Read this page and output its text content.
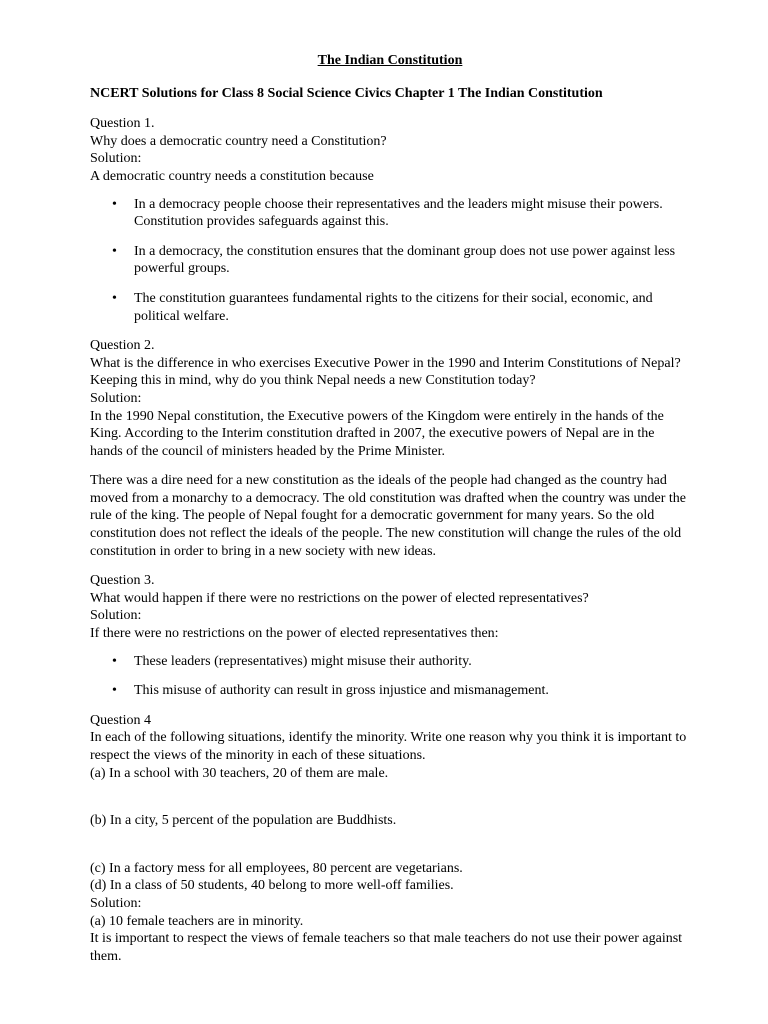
The Indian Constitution

NCERT Solutions for Class 8 Social Science Civics Chapter 1 The Indian Constitution

Question 1.

Why does a democratic country need a Constitution?

Solution:

A democratic country needs a constitution because

• In a democracy people choose their representatives and the leaders might misuse their powers. Constitution provides safeguards against this.
• In a democracy, the constitution ensures that the dominant group does not use power against less powerful groups.
• The constitution guarantees fundamental rights to the citizens for their social, economic, and political welfare.

Question 2.

What is the difference in who exercises Executive Power in the 1990 and Interim Constitutions of Nepal? Keeping this in mind, why do you think Nepal needs a new Constitution today?

Solution:

In the 1990 Nepal constitution, the Executive powers of the Kingdom were entirely in the hands of the King. According to the Interim constitution drafted in 2007, the executive powers of Nepal are in the hands of the council of ministers headed by the Prime Minister.

There was a dire need for a new constitution as the ideals of the people had changed as the country had moved from a monarchy to a democracy. The old constitution was drafted when the country was under the rule of the king. The people of Nepal fought for a democratic government for many years. So the old constitution does not reflect the ideals of the people. The new constitution will change the rules of the old constitution in order to bring in a new society with new ideas.

Question 3.

What would happen if there were no restrictions on the power of elected representatives?

Solution:

If there were no restrictions on the power of elected representatives then:

• These leaders (representatives) might misuse their authority.
• This misuse of authority can result in gross injustice and mismanagement.

Question 4

In each of the following situations, identify the minority. Write one reason why you think it is important to respect the views of the minority in each of these situations.

(a) In a school with 30 teachers, 20 of them are male.

(b) In a city, 5 percent of the population are Buddhists.

(c) In a factory mess for all employees, 80 percent are vegetarians.

(d) In a class of 50 students, 40 belong to more well-off families.

Solution:

(a) 10 female teachers are in minority.

It is important to respect the views of female teachers so that male teachers do not use their power against them.
